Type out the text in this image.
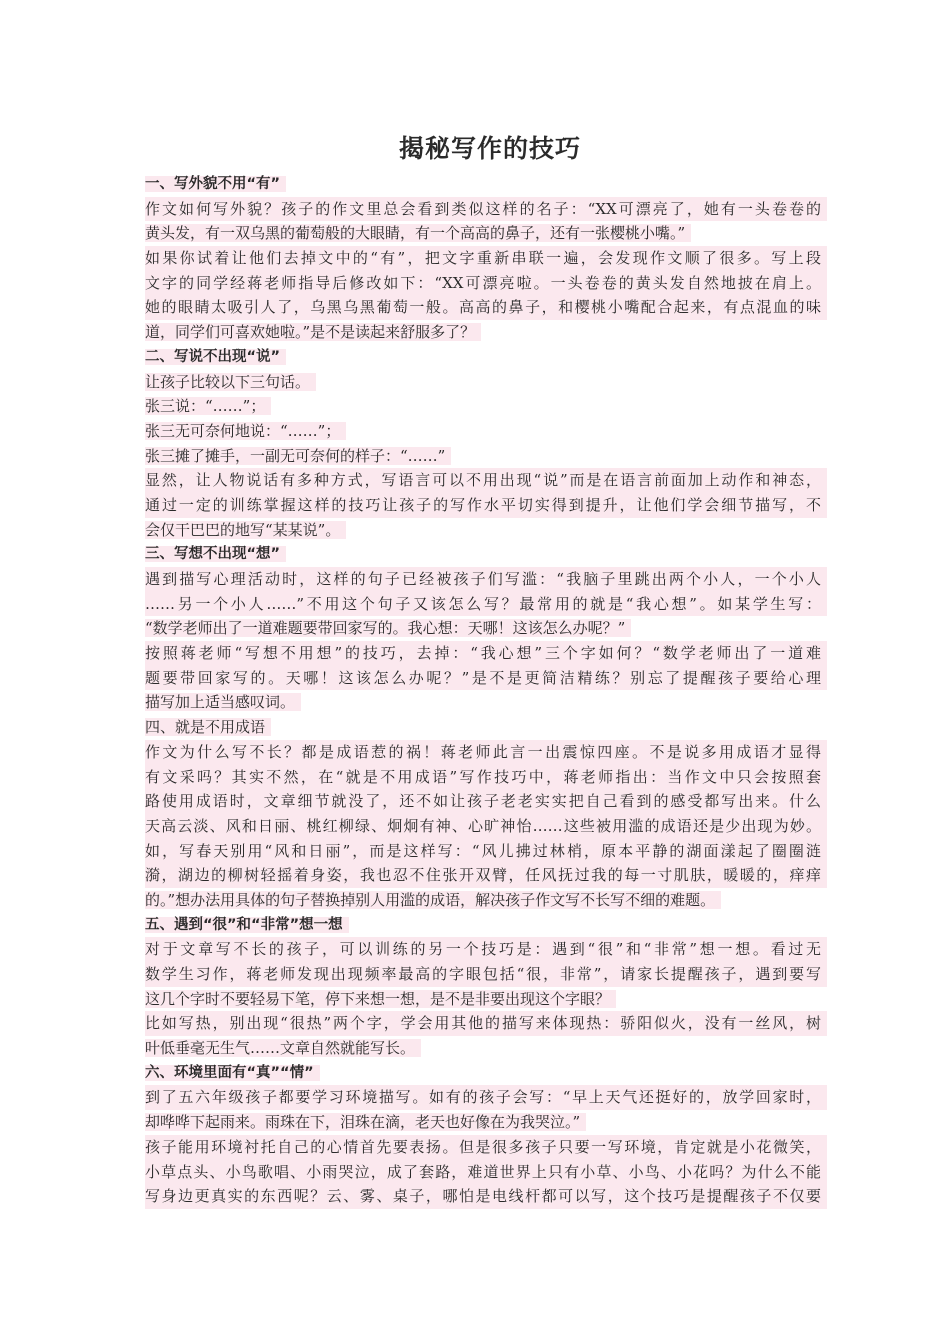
揭秘写作的技巧
一、写外貌不用“有”
作文如何写外貌？孩子的作文里总会看到类似这样的名子：“XX可漂亮了，她有一头卷卷的
黄头发，有一双乌黑的葡萄般的大眼睛，有一个高高的鼻子，还有一张樱桃小嘴。”
如果你试着让他们去掉文中的“有”，把文字重新串联一遍，会发现作文顺了很多。写上段
文字的同学经蒋老师指导后修改如下：“XX可漂亮啦。一头卷卷的黄头发自然地披在肩上。
她的眼睛太吸引人了，乌黑乌黑葡萄一般。高高的鼻子，和樱桃小嘴配合起来，有点混血的味
道，同学们可喜欢她啦。”是不是读起来舒服多了？
二、写说不出现“说”
让孩子比较以下三句话。
张三说：“……”；
张三无可奈何地说：“……”；
张三摊了摊手，一副无可奈何的样子：“……”
显然，让人物说话有多种方式，写语言可以不用出现“说”而是在语言前面加上动作和神态，
通过一定的训练掌握这样的技巧让孩子的写作水平切实得到提升，让他们学会细节描写，不
会仅干巴巴的地写“某某说”。
三、写想不出现“想”
遇到描写心理活动时，这样的句子已经被孩子们写滥：“我脑子里跳出两个小人，一个小人
……另一个小人……”不用这个句子又该怎么写？最常用的就是“我心想”。如某学生写：
“数学老师出了一道难题要带回家写的。我心想：天哪！这该怎么办呢？”
按照蒋老师“写想不用想”的技巧，去掉：“我心想”三个字如何？“数学老师出了一道难
题要带回家写的。天哪！这该怎么办呢？”是不是更简洁精练？别忘了提醒孩子要给心理
描写加上适当感叹词。
四、就是不用成语
作文为什么写不长？都是成语惹的祸！蒋老师此言一出震惊四座。不是说多用成语才显得
有文采吗？其实不然，在“就是不用成语”写作技巧中，蒋老师指出：当作文中只会按照套
路使用成语时，文章细节就没了，还不如让孩子老老实实把自己看到的感受都写出来。什么
天高云淡、风和日丽、桃红柳绿、炯炯有神、心旷神怡……这些被用滥的成语还是少出现为妙。
如，写春天别用“风和日丽”，而是这样写：“风儿拂过林梢，原本平静的湖面漾起了圈圈涟
漪，湖边的柳树轻摇着身姿，我也忍不住张开双臂，任风抚过我的每一寸肌肤，暖暖的，痒痒
的。”想办法用具体的句子替换掉别人用滥的成语，解决孩子作文写不长写不细的难题。
五、遇到“很”和“非常”想一想
对于文章写不长的孩子，可以训练的另一个技巧是：遇到“很”和“非常”想一想。看过无
数学生习作，蒋老师发现出现频率最高的字眼包括“很，非常”，请家长提醒孩子，遇到要写
这几个字时不要轻易下笔，停下来想一想，是不是非要出现这个字眼？
比如写热，别出现“很热”两个字，学会用其他的描写来体现热：骄阳似火，没有一丝风，树
叶低垂毫无生气……文章自然就能写长。
六、环境里面有“真”“情”
到了五六年级孩子都要学习环境描写。如有的孩子会写：“早上天气还挺好的，放学回家时，
却哗哗下起雨来。雨珠在下，泪珠在滴，老天也好像在为我哭泣。”
孩子能用环境衬托自己的心情首先要表扬。但是很多孩子只要一写环境，肯定就是小花微笑，
小草点头、小鸟歌唱、小雨哭泣，成了套路，难道世界上只有小草、小鸟、小花吗？为什么不能
写身边更真实的东西呢？云、雾、桌子，哪怕是电线杆都可以写，这个技巧是提醒孩子不仅要
